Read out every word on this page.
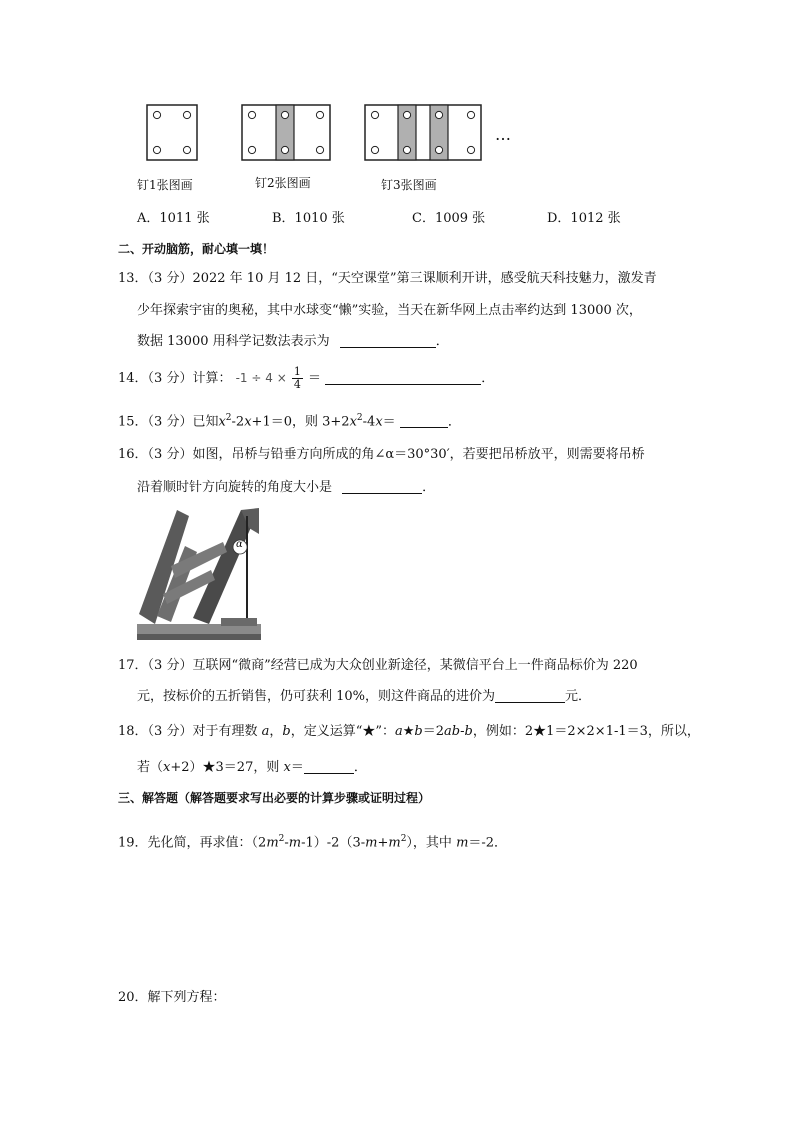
…
钉1张图画	钉2张图画	钉3张图画
A．1011 张	B．1010 张	C．1009 张	D．1012 张
二、开动脑筋，耐心填一填！
13．（3 分）2022 年 10 月 12 日，“天空课堂”第三课顺利开讲，感受航天科技魅力，激发青
少年探索宇宙的奥秘，其中水球变“懒”实验，当天在新华网上点击率约达到 13000 次，
数据 13000 用科学记数法表示为	．
14．（3 分）计算： $-1 \div 4 \times \frac{1}{4}$ ＝	．
15．（3 分）已知$x^2-2x+1=0$，则 $3+2x^2-4x=$	．
16．（3 分）如图，吊桥与铅垂方向所成的角∠α＝30°30′，若要把吊桥放平，则需要将吊桥
沿着顺时针方向旋转的角度大小是	．
α
17．（3 分）互联网“微商”经营已成为大众创业新途径，某微信平台上一件商品标价为 220
元，按标价的五折销售，仍可获利 10%，则这件商品的进价为	元．
18．（3 分）对于有理数 a，b，定义运算“★”：a★b＝2ab-b，例如：2★1＝2×2×1-1＝3，所以，
若（x+2）★3＝27，则 x＝	．
三、解答题（解答题要求写出必要的计算步骤或证明过程）
19．先化简，再求值：$(2m^2-m-1)-2(3-m+m^2)$，其中 m＝-2．
20．解下列方程：
